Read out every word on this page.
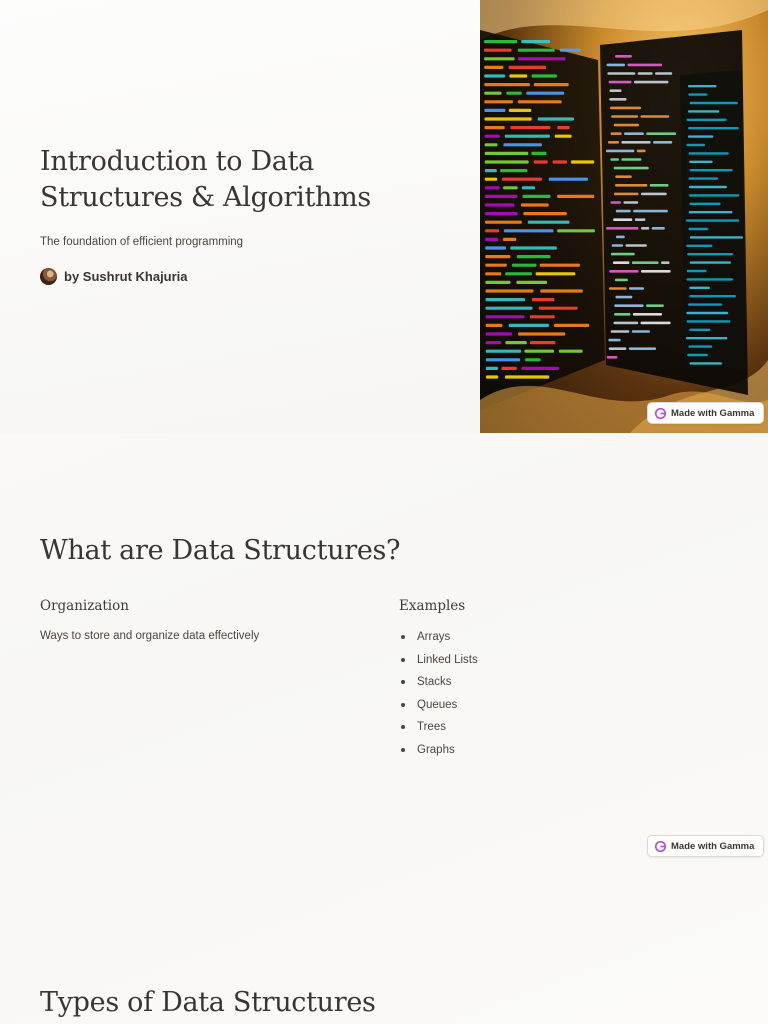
Introduction to Data Structures & Algorithms
The foundation of efficient programming
by Sushrut Khajuria
Made with Gamma
What are Data Structures?
Organization
Ways to store and organize data effectively
Examples
Arrays
Linked Lists
Stacks
Queues
Trees
Graphs
Made with Gamma
Types of Data Structures
